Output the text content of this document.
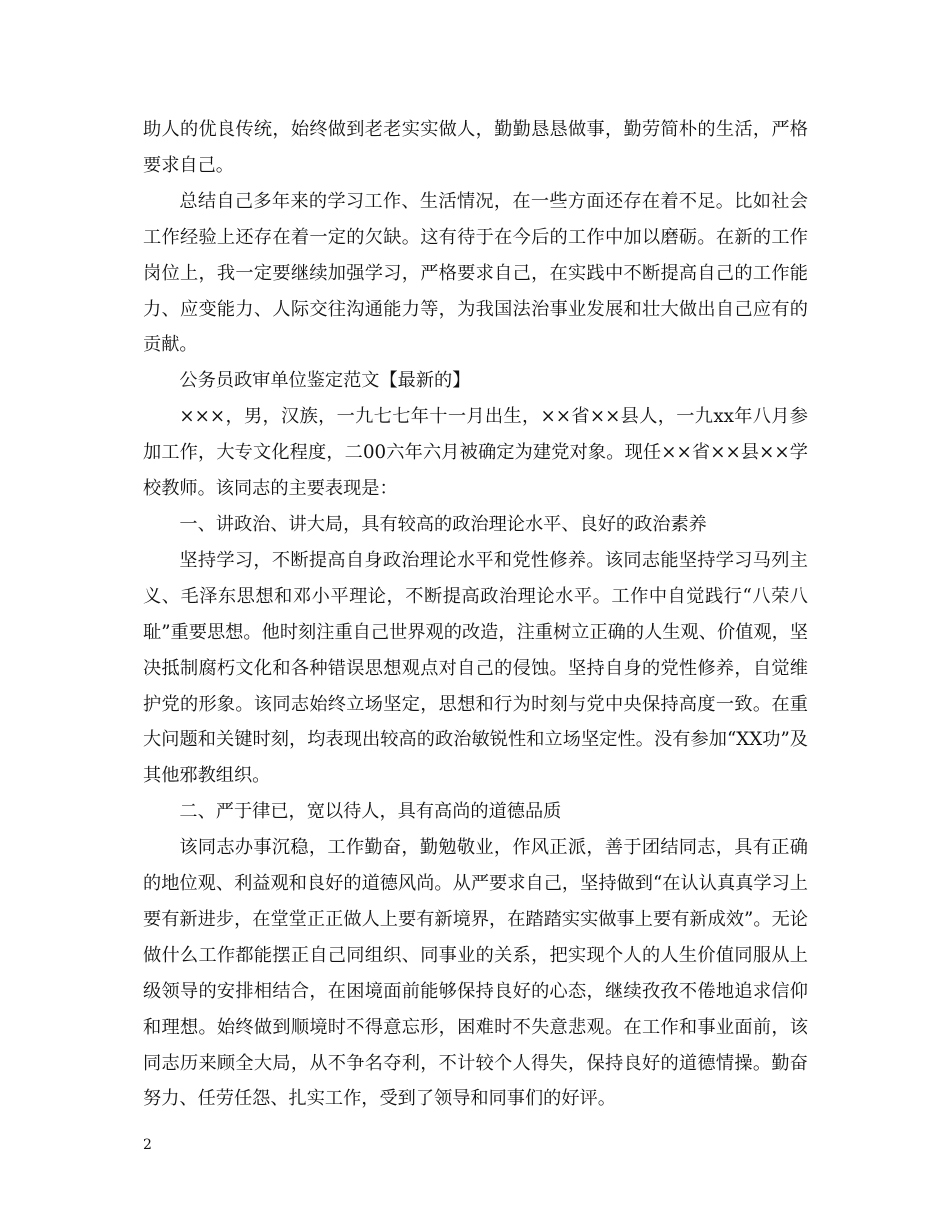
助人的优良传统，始终做到老老实实做人，勤勤恳恳做事，勤劳简朴的生活，严格要求自己。

总结自己多年来的学习工作、生活情况，在一些方面还存在着不足。比如社会工作经验上还存在着一定的欠缺。这有待于在今后的工作中加以磨砺。在新的工作岗位上，我一定要继续加强学习，严格要求自己，在实践中不断提高自己的工作能力、应变能力、人际交往沟通能力等，为我国法治事业发展和壮大做出自己应有的贡献。

公务员政审单位鉴定范文【最新的】

×××，男，汉族，一九七七年十一月出生，××省××县人，一九xx年八月参加工作，大专文化程度，二00六年六月被确定为建党对象。现任××省××县××学校教师。该同志的主要表现是：

一、讲政治、讲大局，具有较高的政治理论水平、良好的政治素养

坚持学习，不断提高自身政治理论水平和党性修养。该同志能坚持学习马列主义、毛泽东思想和邓小平理论，不断提高政治理论水平。工作中自觉践行“八荣八耻”重要思想。他时刻注重自己世界观的改造，注重树立正确的人生观、价值观，坚决抵制腐朽文化和各种错误思想观点对自己的侵蚀。坚持自身的党性修养，自觉维护党的形象。该同志始终立场坚定，思想和行为时刻与党中央保持高度一致。在重大问题和关键时刻，均表现出较高的政治敏锐性和立场坚定性。没有参加“XX功”及其他邪教组织。

二、严于律已，宽以待人，具有高尚的道德品质

该同志办事沉稳，工作勤奋，勤勉敬业，作风正派，善于团结同志，具有正确的地位观、利益观和良好的道德风尚。从严要求自己，坚持做到“在认认真真学习上要有新进步，在堂堂正正做人上要有新境界，在踏踏实实做事上要有新成效”。无论做什么工作都能摆正自己同组织、同事业的关系，把实现个人的人生价值同服从上级领导的安排相结合，在困境面前能够保持良好的心态，继续孜孜不倦地追求信仰和理想。始终做到顺境时不得意忘形，困难时不失意悲观。在工作和事业面前，该同志历来顾全大局，从不争名夺利，不计较个人得失，保持良好的道德情操。勤奋努力、任劳任怨、扎实工作，受到了领导和同事们的好评。

2
